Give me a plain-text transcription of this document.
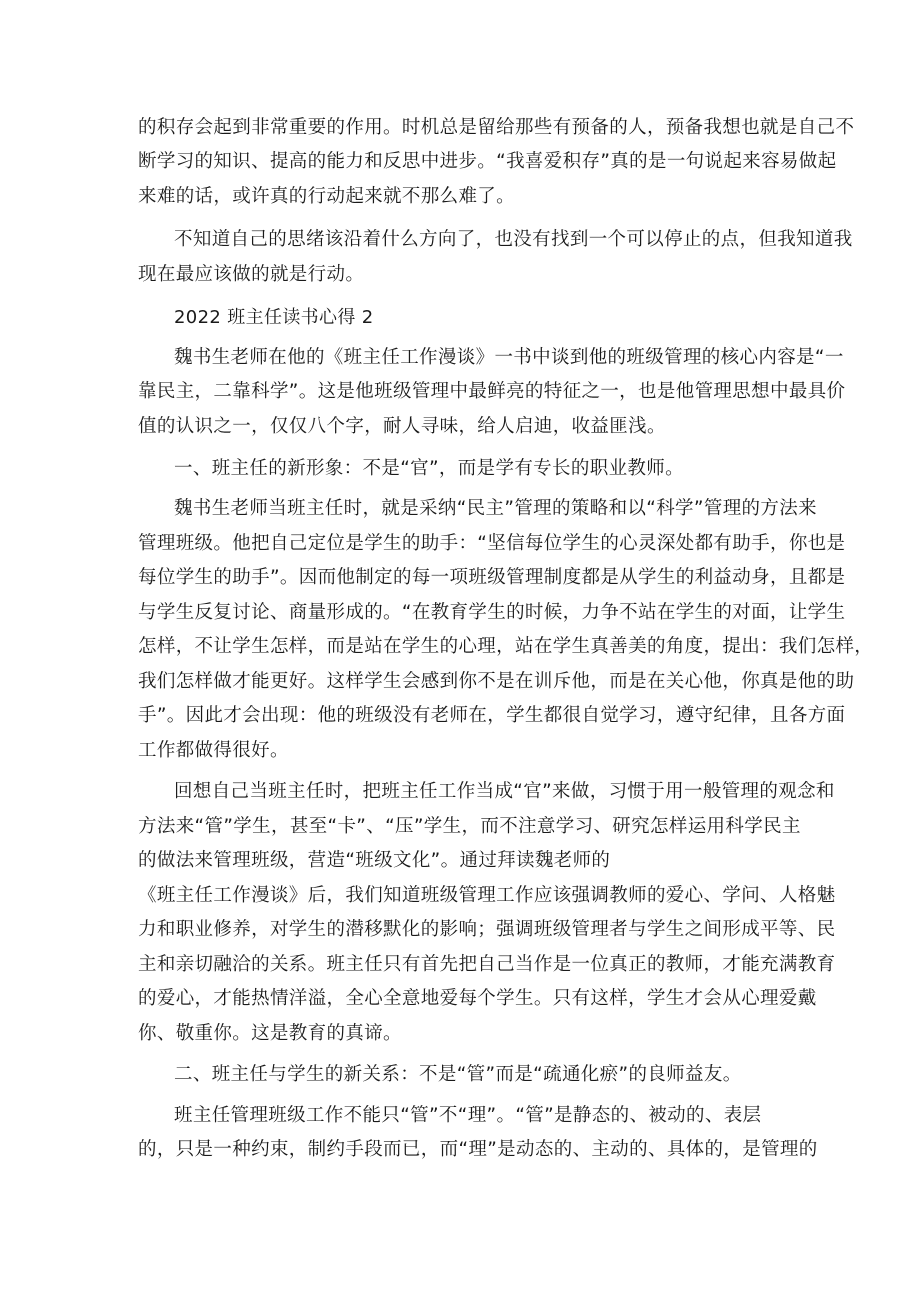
的积存会起到非常重要的作用。时机总是留给那些有预备的人，预备我想也就是自己不

断学习的知识、提高的能力和反思中进步。“我喜爱积存”真的是一句说起来容易做起

来难的话，或许真的行动起来就不那么难了。

不知道自己的思绪该沿着什么方向了，也没有找到一个可以停止的点，但我知道我

现在最应该做的就是行动。

2022 班主任读书心得 2

魏书生老师在他的《班主任工作漫谈》一书中谈到他的班级管理的核心内容是“一

靠民主，二靠科学”。这是他班级管理中最鲜亮的特征之一，也是他管理思想中最具价

值的认识之一，仅仅八个字，耐人寻味，给人启迪，收益匪浅。

一、班主任的新形象：不是“官”，而是学有专长的职业教师。

魏书生老师当班主任时，就是采纳“民主”管理的策略和以“科学”管理的方法来

管理班级。他把自己定位是学生的助手：“坚信每位学生的心灵深处都有助手，你也是

每位学生的助手”。因而他制定的每一项班级管理制度都是从学生的利益动身，且都是

与学生反复讨论、商量形成的。“在教育学生的时候，力争不站在学生的对面，让学生

怎样，不让学生怎样，而是站在学生的心理，站在学生真善美的角度，提出：我们怎样，

我们怎样做才能更好。这样学生会感到你不是在训斥他，而是在关心他，你真是他的助

手”。因此才会出现：他的班级没有老师在，学生都很自觉学习，遵守纪律，且各方面

工作都做得很好。

回想自己当班主任时，把班主任工作当成“官”来做，习惯于用一般管理的观念和

方法来“管”学生，甚至“卡”、“压”学生，而不注意学习、研究怎样运用科学民主

的做法来管理班级，营造“班级文化”。通过拜读魏老师的

《班主任工作漫谈》后，我们知道班级管理工作应该强调教师的爱心、学问、人格魅

力和职业修养，对学生的潜移默化的影响；强调班级管理者与学生之间形成平等、民

主和亲切融洽的关系。班主任只有首先把自己当作是一位真正的教师，才能充满教育

的爱心，才能热情洋溢，全心全意地爱每个学生。只有这样，学生才会从心理爱戴

你、敬重你。这是教育的真谛。

二、班主任与学生的新关系：不是“管”而是“疏通化瘀”的良师益友。

班主任管理班级工作不能只“管”不“理”。“管”是静态的、被动的、表层

的，只是一种约束，制约手段而已，而“理”是动态的、主动的、具体的，是管理的
